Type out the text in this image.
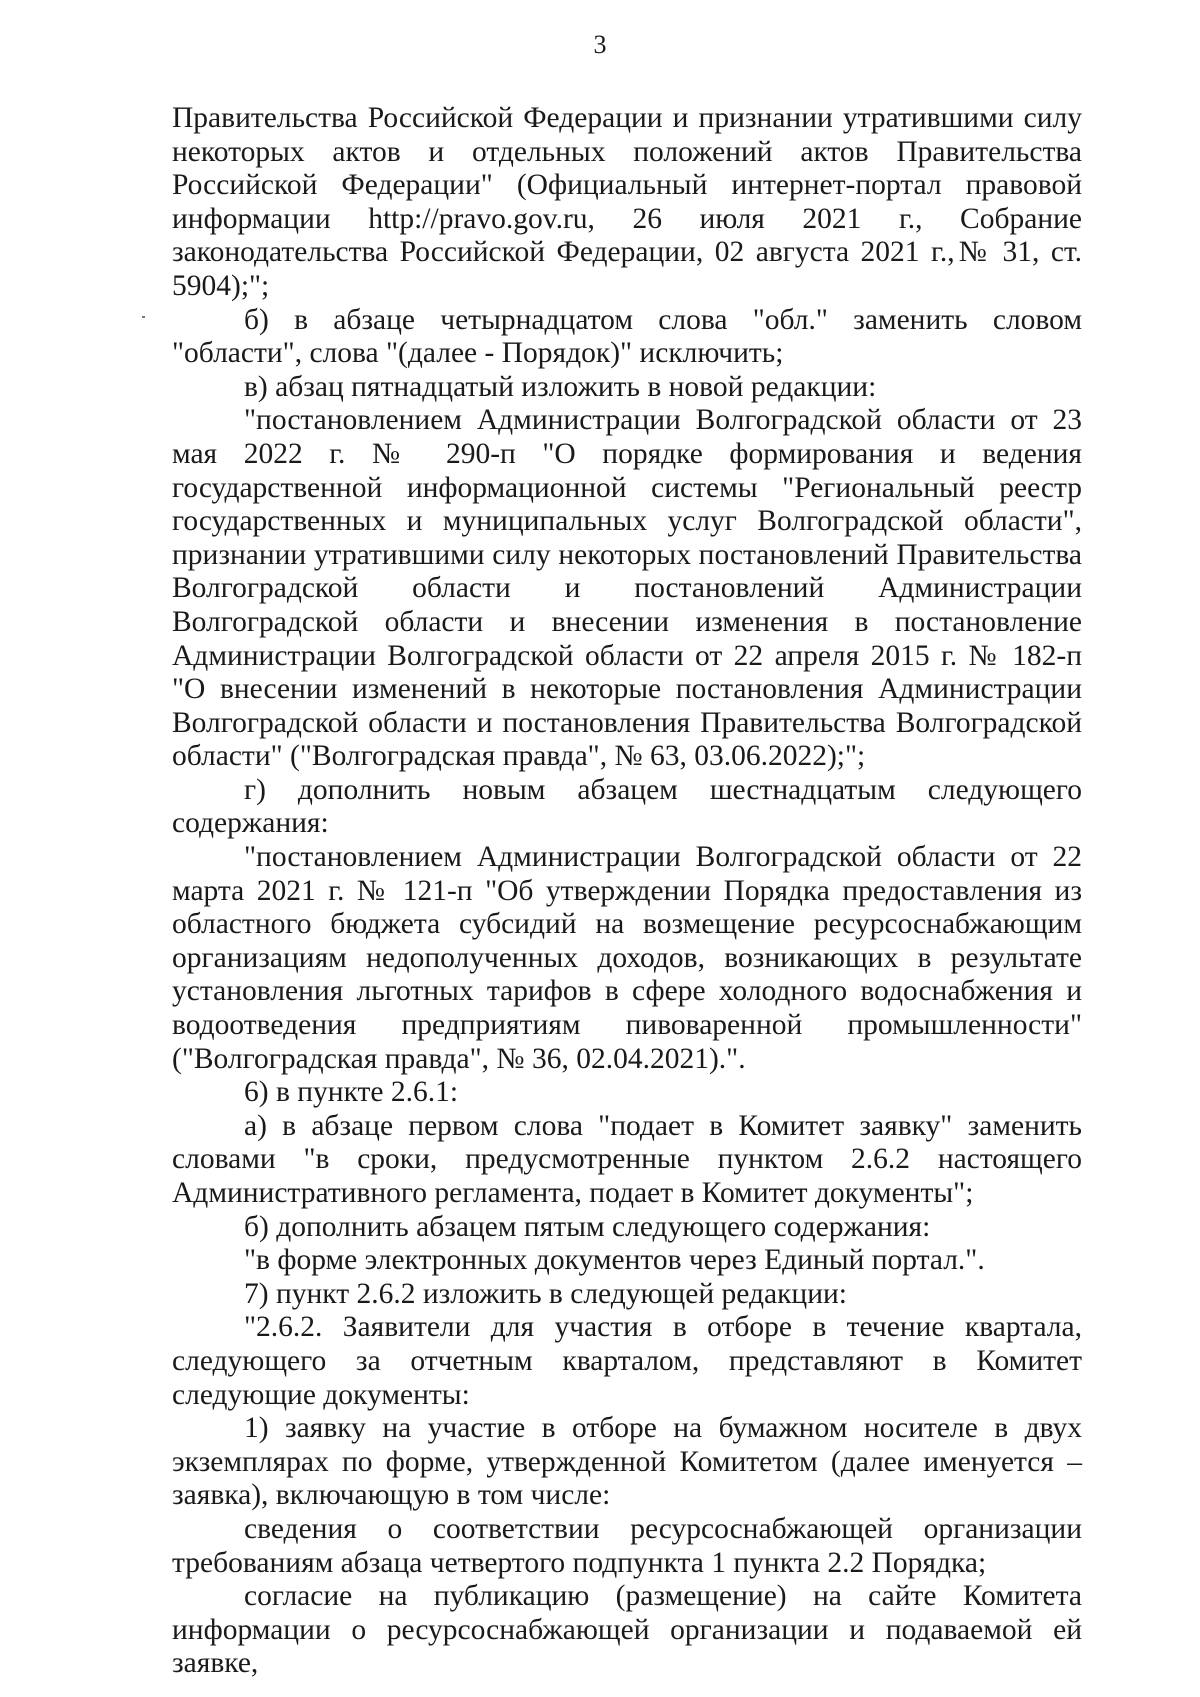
3

Правительства Российской Федерации и признании утратившими силу некоторых актов и отдельных положений актов Правительства Российской Федерации" (Официальный интернет-портал правовой информации http://pravo.gov.ru, 26 июля 2021 г., Собрание законодательства Российской Федерации, 02 августа 2021 г.,№ 31, ст. 5904);";

б) в абзаце четырнадцатом слова "обл." заменить словом "области", слова "(далее - Порядок)" исключить;

в) абзац пятнадцатый изложить в новой редакции:

"постановлением Администрации Волгоградской области от 23 мая 2022 г. № 290-п "О порядке формирования и ведения государственной информационной системы "Региональный реестр государственных и муниципальных услуг Волгоградской области", признании утратившими силу некоторых постановлений Правительства Волгоградской области и постановлений Администрации Волгоградской области и внесении изменения в постановление Администрации Волгоградской области от 22 апреля 2015 г. № 182-п "О внесении изменений в некоторые постановления Администрации Волгоградской области и постановления Правительства Волгоградской области" ("Волгоградская правда", № 63, 03.06.2022);";

г) дополнить новым абзацем шестнадцатым следующего содержания:

"постановлением Администрации Волгоградской области от 22 марта 2021 г. № 121-п "Об утверждении Порядка предоставления из областного бюджета субсидий на возмещение ресурсоснабжающим организациям недополученных доходов, возникающих в результате установления льготных тарифов в сфере холодного водоснабжения и водоотведения предприятиям пивоваренной промышленности" ("Волгоградская правда", № 36, 02.04.2021).".

6) в пункте 2.6.1:

а) в абзаце первом слова "подает в Комитет заявку" заменить словами "в сроки, предусмотренные пунктом 2.6.2 настоящего Административного регламента, подает в Комитет документы";

б) дополнить абзацем пятым следующего содержания:

"в форме электронных документов через Единый портал.".

7) пункт 2.6.2 изложить в следующей редакции:

"2.6.2. Заявители для участия в отборе в течение квартала, следующего за отчетным кварталом, представляют в Комитет следующие документы:

1) заявку на участие в отборе на бумажном носителе в двух экземплярах по форме, утвержденной Комитетом (далее именуется – заявка), включающую в том числе:

сведения о соответствии ресурсоснабжающей организации требованиям абзаца четвертого подпункта 1 пункта 2.2 Порядка;

согласие на публикацию (размещение) на сайте Комитета информации о ресурсоснабжающей организации и подаваемой ей заявке,
